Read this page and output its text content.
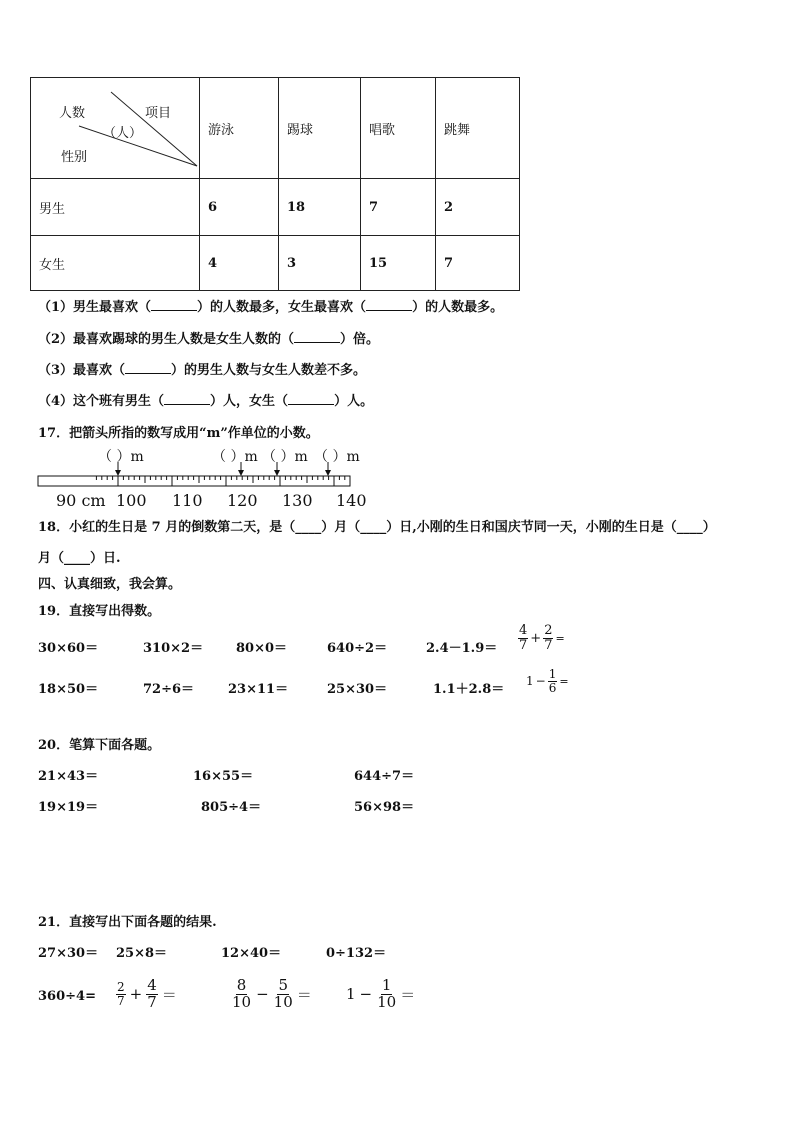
人数 项目
（人）
性别	游泳	踢球	唱歌	跳舞
男生	6	18	7	2
女生	4	3	15	7
（1）男生最喜欢（	）的人数最多，女生最喜欢（	）的人数最多。
（2）最喜欢踢球的男生人数是女生人数的（	）倍。
（3）最喜欢（	）的男生人数与女生人数差不多。
（4）这个班有男生（	）人，女生（	）人。
17．把箭头所指的数写成用“m”作单位的小数。
（ ）m	（ ）m （ ）m （ ）m
90 cm 100 110 120 130 140
18．小红的生日是 7 月的倒数第二天，是（____）月（____）日,小刚的生日和国庆节同一天，小刚的生日是（____）
月（____）日.
四、认真细致，我会算。
19．直接写出得数。
30×60＝	310×2＝	80×0＝	640÷2＝	$2.4-1.9= \frac{4}{7} + \frac{2}{7}$ =
18×50＝	72÷6＝	23×11＝	25×30＝	1.1＋2.8＝
$1 - \frac{1}{6}$ =
20．笔算下面各题。
21×43＝	16×55＝	644÷7＝
19×19＝	805÷4＝	56×98＝
21．直接写出下面各题的结果.
27×30＝ 25×8＝	12×40＝	0÷132＝
$360\div 4= \frac{2}{7} + \frac{4}{7}$ ＝	$\frac{8}{10} - \frac{5}{10} = 1 - \frac{1}{10}$ ＝
